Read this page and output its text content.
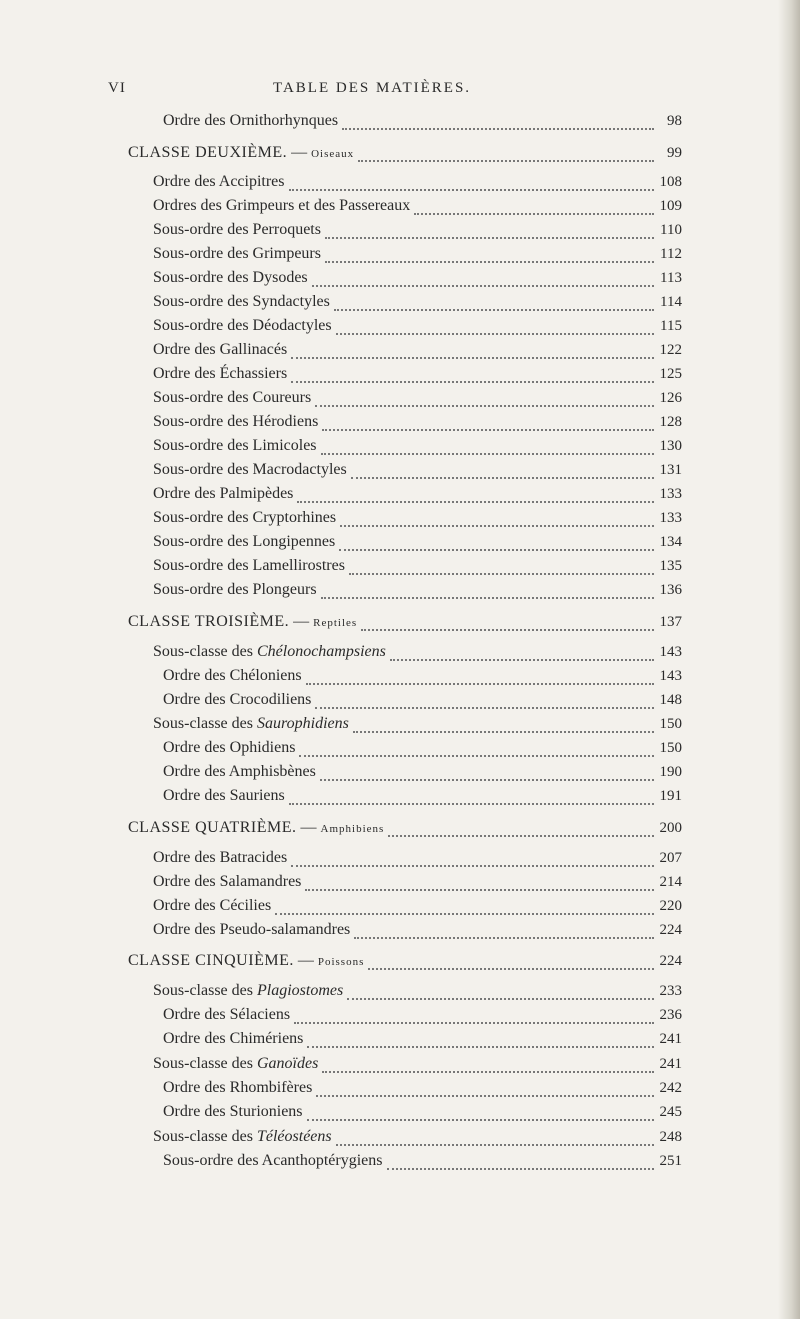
VI	TABLE DES MATIÈRES.
Ordre des Ornithorhynques	98
CLASSE DEUXIÈME. — Oiseaux	99
Ordre des Accipitres	108
Ordres des Grimpeurs et des Passereaux	109
Sous-ordre des Perroquets	110
Sous-ordre des Grimpeurs	112
Sous-ordre des Dysodes	113
Sous-ordre des Syndactyles	114
Sous-ordre des Déodactyles	115
Ordre des Gallinacés	122
Ordre des Échassiers	125
Sous-ordre des Coureurs	126
Sous-ordre des Hérodiens	128
Sous-ordre des Limicoles	130
Sous-ordre des Macrodactyles	131
Ordre des Palmipèdes	133
Sous-ordre des Cryptorhines	133
Sous-ordre des Longipennes	134
Sous-ordre des Lamellirostres	135
Sous-ordre des Plongeurs	136
CLASSE TROISIÈME. — Reptiles	137
Sous-classe des Chélonochampsiens	143
Ordre des Chéloniens	143
Ordre des Crocodiliens	148
Sous-classe des Saurophidiens	150
Ordre des Ophidiens	150
Ordre des Amphisbènes	190
Ordre des Sauriens	191
CLASSE QUATRIÈME. — Amphibiens	200
Ordre des Batracides	207
Ordre des Salamandres	214
Ordre des Cécilies	220
Ordre des Pseudo-salamandres	224
CLASSE CINQUIÈME. — Poissons	224
Sous-classe des Plagiostomes	233
Ordre des Sélaciens	236
Ordre des Chimériens	241
Sous-classe des Ganoïdes	241
Ordre des Rhombifères	242
Ordre des Sturioniens	245
Sous-classe des Téléostéens	248
Sous-ordre des Acanthoptérygiens	251
